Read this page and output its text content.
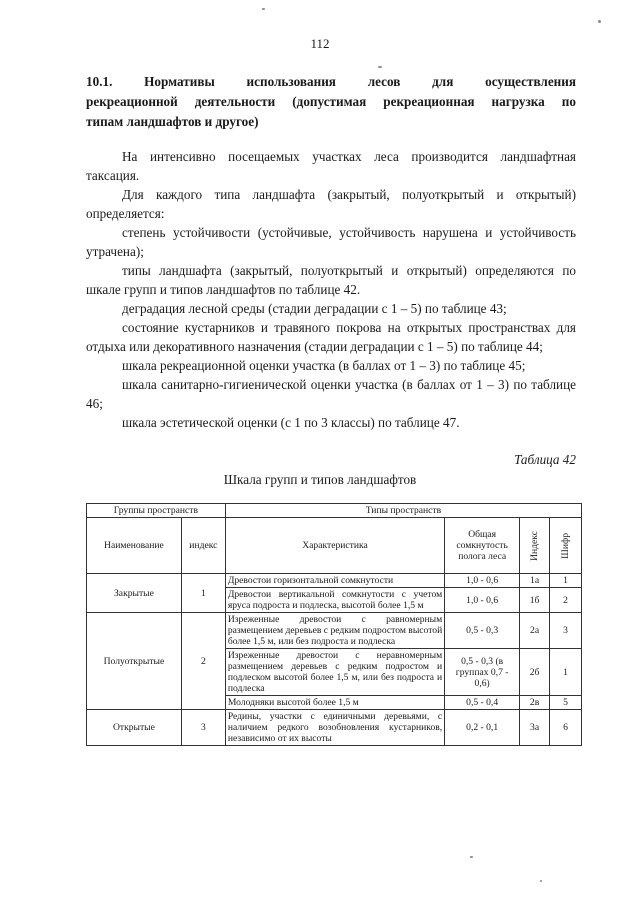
112
10.1. Нормативы использования лесов для осуществления
рекреационной деятельности (допустимая рекреационная нагрузка по
типам ландшафтов и другое)

На интенсивно посещаемых участках леса производится ландшафтная таксация.

Для каждого типа ландшафта (закрытый, полуоткрытый и открытый) определяется:

степень устойчивости (устойчивые, устойчивость нарушена и устойчивость утрачена);

типы ландшафта (закрытый, полуоткрытый и открытый) определяются по шкале групп и типов ландшафтов по таблице 42.

деградация лесной среды (стадии деградации с 1 – 5) по таблице 43;

состояние кустарников и травяного покрова на открытых пространствах для отдыха или декоративного назначения (стадии деградации с 1 – 5) по таблице 44;

шкала рекреационной оценки участка (в баллах от 1 – 3) по таблице 45;

шкала санитарно-гигиенической оценки участка (в баллах от 1 – 3) по таблице 46;

шкала эстетической оценки (с 1 по 3 классы) по таблице 47.

Таблица 42
Шкала групп и типов ландшафтов
Группы пространств		Типы пространств			
Наименование	индекс	Характеристика	Общая сомкнутость полога леса	Индекс	Шифр

Закрытые	1	Древостои горизонтальной сомкнутости	1,0 - 0,6	1а	1
		Древостои вертикальной сомкнутости с учетом яруса подроста и подлеска, высотой более 1,5 м	1,0 - 0,6	1б	2
Полуоткрытые	2	Изреженные древостои с равномерным размещением деревьев с редким подростом высотой более 1,5 м, или без подроста и подлеска	0,5 - 0,3	2а	3
		Изреженные древостои с неравномерным размещением деревьев с редким подростом и подлеском высотой более 1,5 м, или без подроста и подлеска	0,5 - 0,3 (в группах 0,7 - 0,6)	2б	1
		Молодняки высотой более 1,5 м	0,5 - 0,4	2в	5
Открытые	3	Редины, участки с единичными деревьями, с наличием редкого возобновления кустарников, независимо от их высоты	0,2 - 0,1	3а	6
